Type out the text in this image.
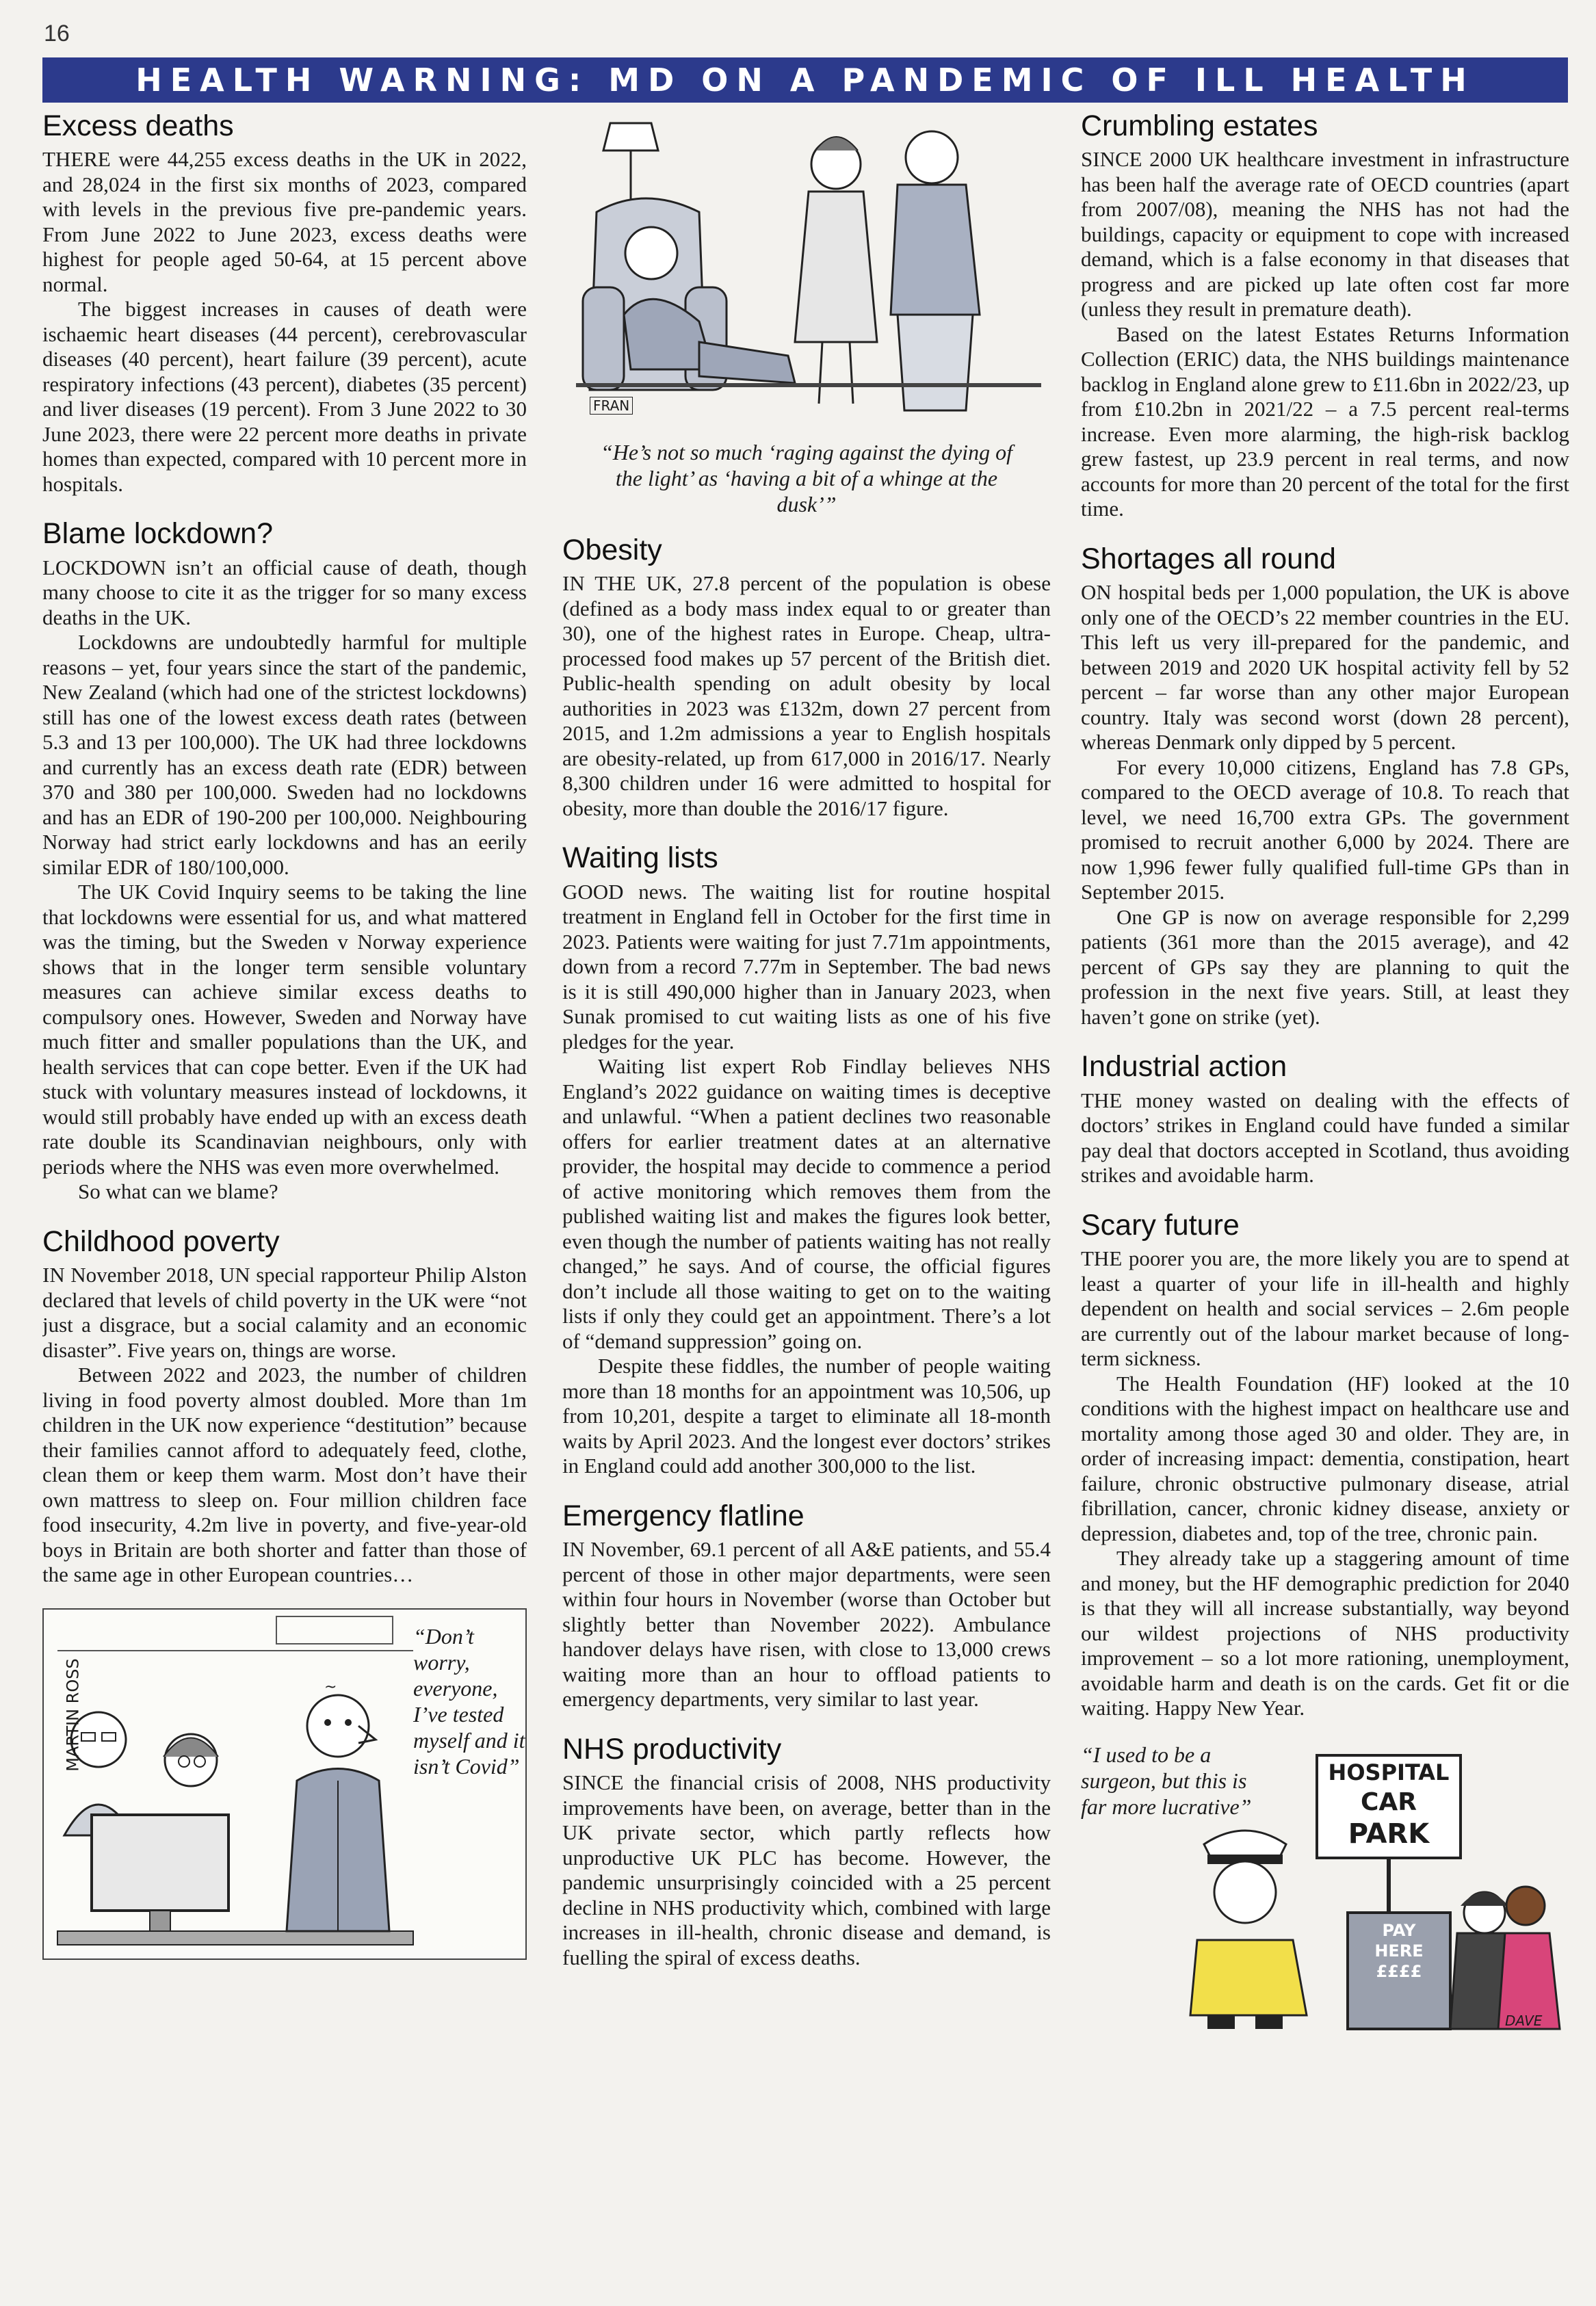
16
HEALTH WARNING: MD ON A PANDEMIC OF ILL HEALTH
Excess deaths

THERE were 44,255 excess deaths in the UK in 2022, and 28,024 in the first six months of 2023, compared with levels in the previous five pre-pandemic years. From June 2022 to June 2023, excess deaths were highest for people aged 50-64, at 15 percent above normal.

The biggest increases in causes of death were ischaemic heart diseases (44 percent), cerebrovascular diseases (40 percent), heart failure (39 percent), acute respiratory infections (43 percent), diabetes (35 percent) and liver diseases (19 percent). From 3 June 2022 to 30 June 2023, there were 22 percent more deaths in private homes than expected, compared with 10 percent more in hospitals.

Blame lockdown?

LOCKDOWN isn’t an official cause of death, though many choose to cite it as the trigger for so many excess deaths in the UK.

Lockdowns are undoubtedly harmful for multiple reasons – yet, four years since the start of the pandemic, New Zealand (which had one of the strictest lockdowns) still has one of the lowest excess death rates (between 5.3 and 13 per 100,000). The UK had three lockdowns and currently has an excess death rate (EDR) between 370 and 380 per 100,000. Sweden had no lockdowns and has an EDR of 190-200 per 100,000. Neighbouring Norway had strict early lockdowns and has an eerily similar EDR of 180/100,000.

The UK Covid Inquiry seems to be taking the line that lockdowns were essential for us, and what mattered was the timing, but the Sweden v Norway experience shows that in the longer term sensible voluntary measures can achieve similar excess deaths to compulsory ones. However, Sweden and Norway have much fitter and smaller populations than the UK, and health services that can cope better. Even if the UK had stuck with voluntary measures instead of lockdowns, it would still probably have ended up with an excess death rate double its Scandinavian neighbours, only with periods where the NHS was even more overwhelmed.

So what can we blame?

Childhood poverty

IN November 2018, UN special rapporteur Philip Alston declared that levels of child poverty in the UK were “not just a disgrace, but a social calamity and an economic disaster”. Five years on, things are worse.

Between 2022 and 2023, the number of children living in food poverty almost doubled. More than 1m children in the UK now experience “destitution” because their families cannot afford to adequately feed, clothe, clean them or keep them warm. Most don’t have their own mattress to sleep on. Four million children face food insecurity, 4.2m live in poverty, and five-year-old boys in Britain are both shorter and fatter than those of the same age in other European countries…

~
“Don’t worry, everyone, I’ve tested myself and it isn’t Covid”
MARTIN ROSS
FRAN
“He’s not so much ‘raging against the dying of the light’ as ‘having a bit of a whinge at the dusk’”
Obesity

IN THE UK, 27.8 percent of the population is obese (defined as a body mass index equal to or greater than 30), one of the highest rates in Europe. Cheap, ultra-processed food makes up 57 percent of the British diet. Public-health spending on adult obesity by local authorities in 2023 was £132m, down 27 percent from 2015, and 1.2m admissions a year to English hospitals are obesity-related, up from 617,000 in 2016/17. Nearly 8,300 children under 16 were admitted to hospital for obesity, more than double the 2016/17 figure.

Waiting lists

GOOD news. The waiting list for routine hospital treatment in England fell in October for the first time in 2023. Patients were waiting for just 7.71m appointments, down from a record 7.77m in September. The bad news is it is still 490,000 higher than in January 2023, when Sunak promised to cut waiting lists as one of his five pledges for the year.

Waiting list expert Rob Findlay believes NHS England’s 2022 guidance on waiting times is deceptive and unlawful. “When a patient declines two reasonable offers for earlier treatment dates at an alternative provider, the hospital may decide to commence a period of active monitoring which removes them from the published waiting list and makes the figures look better, even though the number of patients waiting has not really changed,” he says. And of course, the official figures don’t include all those waiting to get on to the waiting lists if only they could get an appointment. There’s a lot of “demand suppression” going on.

Despite these fiddles, the number of people waiting more than 18 months for an appointment was 10,506, up from 10,201, despite a target to eliminate all 18-month waits by April 2023. And the longest ever doctors’ strikes in England could add another 300,000 to the list.

Emergency flatline

IN November, 69.1 percent of all A&E patients, and 55.4 percent of those in other major departments, were seen within four hours in November (worse than October but slightly better than November 2022). Ambulance handover delays have risen, with close to 13,000 crews waiting more than an hour to offload patients to emergency departments, very similar to last year.

NHS productivity

SINCE the financial crisis of 2008, NHS productivity improvements have been, on average, better than in the UK private sector, which partly reflects how unproductive UK PLC has become. However, the pandemic unsurprisingly coincided with a 25 percent decline in NHS productivity which, combined with large increases in ill-health, chronic disease and demand, is fuelling the spiral of excess deaths.

Crumbling estates

SINCE 2000 UK healthcare investment in infrastructure has been half the average rate of OECD countries (apart from 2007/08), meaning the NHS has not had the buildings, capacity or equipment to cope with increased demand, which is a false economy in that diseases that progress and are picked up late often cost far more (unless they result in premature death).

Based on the latest Estates Returns Information Collection (ERIC) data, the NHS buildings maintenance backlog in England alone grew to £11.6bn in 2022/23, up from £10.2bn in 2021/22 – a 7.5 percent real-terms increase. Even more alarming, the high-risk backlog grew fastest, up 23.9 percent in real terms, and now accounts for more than 20 percent of the total for the first time.

Shortages all round

ON hospital beds per 1,000 population, the UK is above only one of the OECD’s 22 member countries in the EU. This left us very ill-prepared for the pandemic, and between 2019 and 2020 UK hospital activity fell by 52 percent – far worse than any other major European country. Italy was second worst (down 28 percent), whereas Denmark only dipped by 5 percent.

For every 10,000 citizens, England has 7.8 GPs, compared to the OECD average of 10.8. To reach that level, we need 16,700 extra GPs. The government promised to recruit another 6,000 by 2024. There are now 1,996 fewer fully qualified full-time GPs than in September 2015.

One GP is now on average responsible for 2,299 patients (361 more than the 2015 average), and 42 percent of GPs say they are planning to quit the profession in the next five years. Still, at least they haven’t gone on strike (yet).

Industrial action

THE money wasted on dealing with the effects of doctors’ strikes in England could have funded a similar pay deal that doctors accepted in Scotland, thus avoiding strikes and avoidable harm.

Scary future

THE poorer you are, the more likely you are to spend at least a quarter of your life in ill-health and highly dependent on health and social services – 2.6m people are currently out of the labour market because of long-term sickness.

The Health Foundation (HF) looked at the 10 conditions with the highest impact on healthcare use and mortality among those aged 30 and older. They are, in order of increasing impact: dementia, constipation, heart failure, chronic obstructive pulmonary disease, atrial fibrillation, cancer, chronic kidney disease, anxiety or depression, diabetes and, top of the tree, chronic pain.

They already take up a staggering amount of time and money, but the HF demographic prediction for 2040 is that they will all increase substantially, way beyond our wildest projections of NHS productivity improvement – so a lot more rationing, unemployment, avoidable harm and death is on the cards. Get fit or die waiting. Happy New Year.

“I used to be a surgeon, but this is far more lucrative”
HOSPITAL
CAR
PARK
PAY
HERE
££££
DAVE
